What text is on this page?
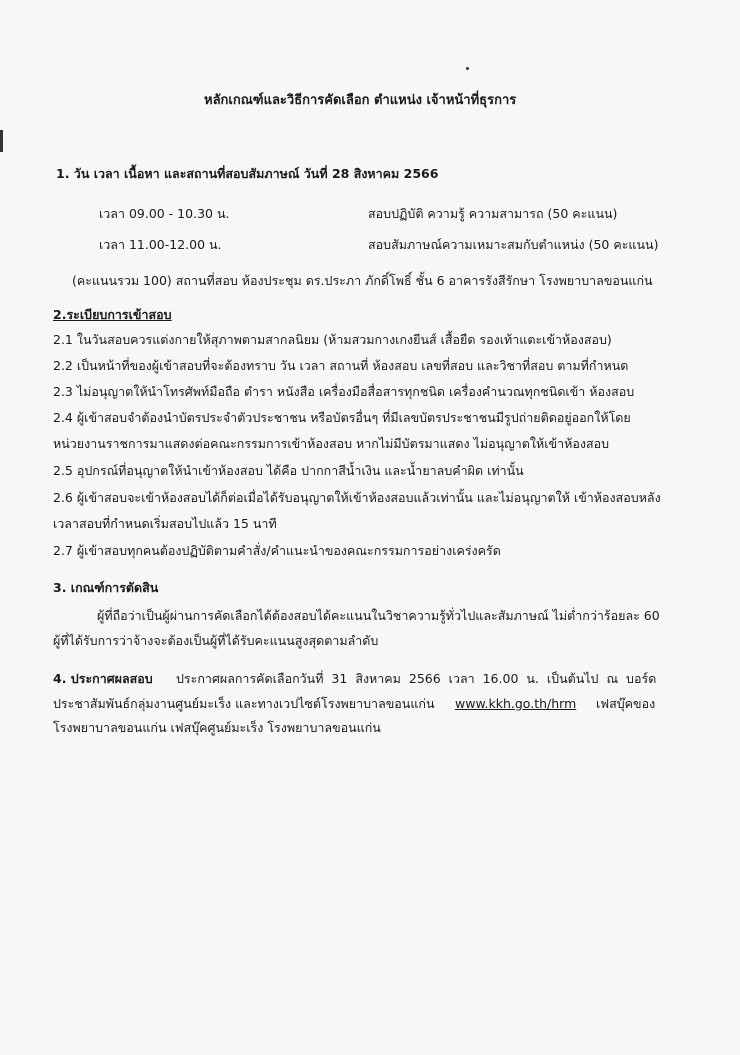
หลักเกณฑ์และวิธีการคัดเลือก ตำแหน่ง เจ้าหน้าที่ธุรการ
1. วัน เวลา เนื้อหา และสถานที่สอบสัมภาษณ์ วันที่ 28 สิงหาคม 2566
เวลา 09.00 - 10.30 น.	สอบปฏิบัติ ความรู้ ความสามารถ (50 คะแนน)
เวลา 11.00-12.00 น.	สอบสัมภาษณ์ความเหมาะสมกับตำแหน่ง (50 คะแนน)
(คะแนนรวม 100) สถานที่สอบ ห้องประชุม ดร.ประภา ภักดิ์โพธิ์ ชั้น 6 อาคารรังสีรักษา โรงพยาบาลขอนแก่น
2.ระเบียบการเข้าสอบ
2.1 ในวันสอบควรแต่งกายให้สุภาพตามสากลนิยม (ห้ามสวมกางเกงยีนส์ เสื้อยืด รองเท้าแตะเข้าห้องสอบ)
2.2 เป็นหน้าที่ของผู้เข้าสอบที่จะต้องทราบ วัน เวลา สถานที่ ห้องสอบ เลขที่สอบ และวิชาที่สอบ ตามที่กำหนด
2.3 ไม่อนุญาตให้นำโทรศัพท์มือถือ ตำรา หนังสือ เครื่องมือสื่อสารทุกชนิด เครื่องคำนวณทุกชนิดเข้า ห้องสอบ
2.4 ผู้เข้าสอบจำต้องนำบัตรประจำตัวประชาชน หรือบัตรอื่นๆ ที่มีเลขบัตรประชาชนมีรูปถ่ายติดอยู่ออกให้โดย
หน่วยงานราชการมาแสดงต่อคณะกรรมการเข้าห้องสอบ หากไม่มีบัตรมาแสดง ไม่อนุญาตให้เข้าห้องสอบ
2.5 อุปกรณ์ที่อนุญาตให้นำเข้าห้องสอบ ได้คือ ปากกาสีน้ำเงิน และน้ำยาลบคำผิด เท่านั้น
2.6 ผู้เข้าสอบจะเข้าห้องสอบได้ก็ต่อเมื่อได้รับอนุญาตให้เข้าห้องสอบแล้วเท่านั้น และไม่อนุญาตให้ เข้าห้องสอบหลัง
เวลาสอบที่กำหนดเริ่มสอบไปแล้ว 15 นาที
2.7 ผู้เข้าสอบทุกคนต้องปฏิบัติตามคำสั่ง/คำแนะนำของคณะกรรมการอย่างเคร่งครัด
3. เกณฑ์การตัดสิน
ผู้ที่ถือว่าเป็นผู้ผ่านการคัดเลือกได้ต้องสอบได้คะแนนในวิชาความรู้ทั่วไปและสัมภาษณ์ ไม่ต่ำกว่าร้อยละ 60
ผู้ที่ได้รับการว่าจ้างจะต้องเป็นผู้ที่ได้รับคะแนนสูงสุดตามลำดับ
4. ประกาศผลสอบ ประกาศผลการคัดเลือกวันที่ 31 สิงหาคม 2566 เวลา 16.00 น. เป็นต้นไป ณ บอร์ด
ประชาสัมพันธ์กลุ่มงานศูนย์มะเร็ง และทางเวปไซต์โรงพยาบาลขอนแก่น www.kkh.go.th/hrm เฟสบุ๊คของ
โรงพยาบาลขอนแก่น เฟสบุ๊คศูนย์มะเร็ง โรงพยาบาลขอนแก่น
